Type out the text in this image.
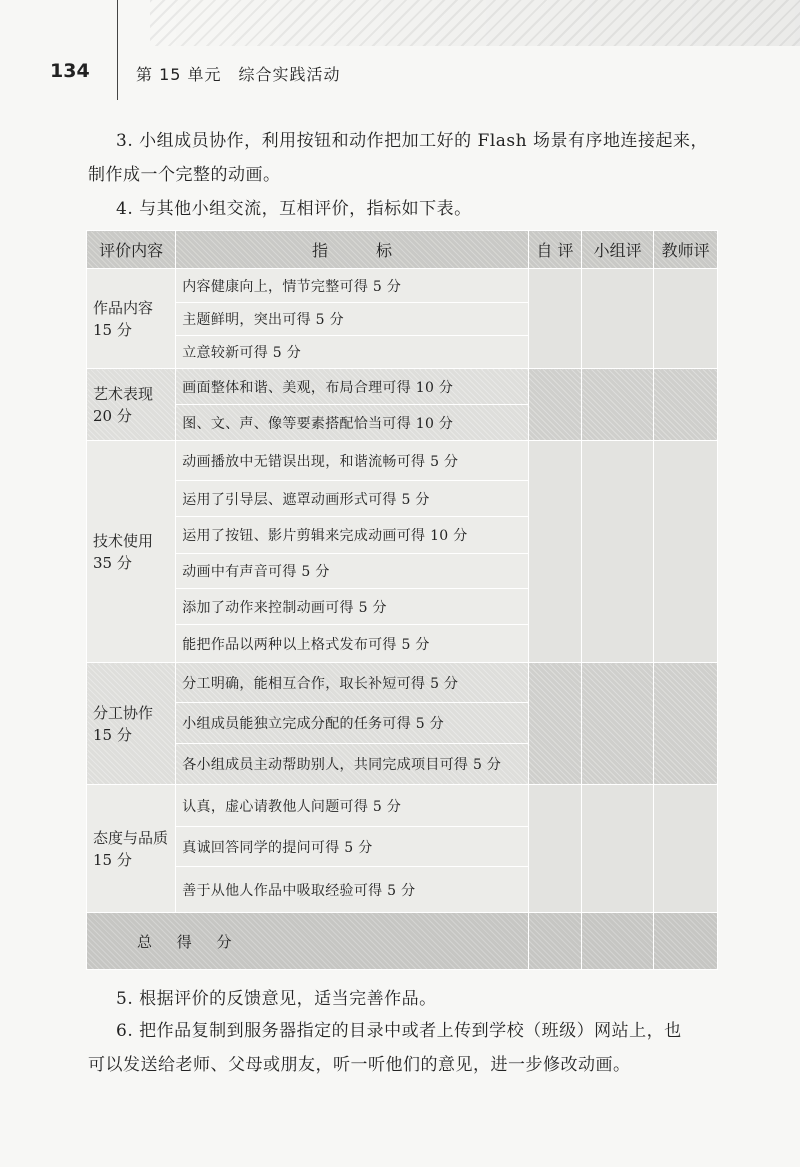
134	第 15 单元　综合实践活动
3. 小组成员协作，利用按钮和动作把加工好的 Flash 场景有序地连接起来，
制作成一个完整的动画。
4. 与其他小组交流，互相评价，指标如下表。
评价内容	指　　　标	自 评	小组评	教师评

作品内容
15 分	内容健康向上，情节完整可得 5 分			
	主题鲜明，突出可得 5 分			
	立意较新可得 5 分			

艺术表现
20 分	画面整体和谐、美观，布局合理可得 10 分			
	图、文、声、像等要素搭配恰当可得 10 分			

技术使用
35 分	动画播放中无错误出现，和谐流畅可得 5 分			
	运用了引导层、遮罩动画形式可得 5 分			
	运用了按钮、影片剪辑来完成动画可得 10 分			
	动画中有声音可得 5 分			
	添加了动作来控制动画可得 5 分			
	能把作品以两种以上格式发布可得 5 分			

分工协作
15 分	分工明确，能相互合作，取长补短可得 5 分			
	小组成员能独立完成分配的任务可得 5 分			
	各小组成员主动帮助别人，共同完成项目可得 5 分			

态度与品质
15 分	认真，虚心请教他人问题可得 5 分			
	真诚回答同学的提问可得 5 分			
	善于从他人作品中吸取经验可得 5 分			
总 得 分				
5. 根据评价的反馈意见，适当完善作品。
6. 把作品复制到服务器指定的目录中或者上传到学校（班级）网站上，也
可以发送给老师、父母或朋友，听一听他们的意见，进一步修改动画。
